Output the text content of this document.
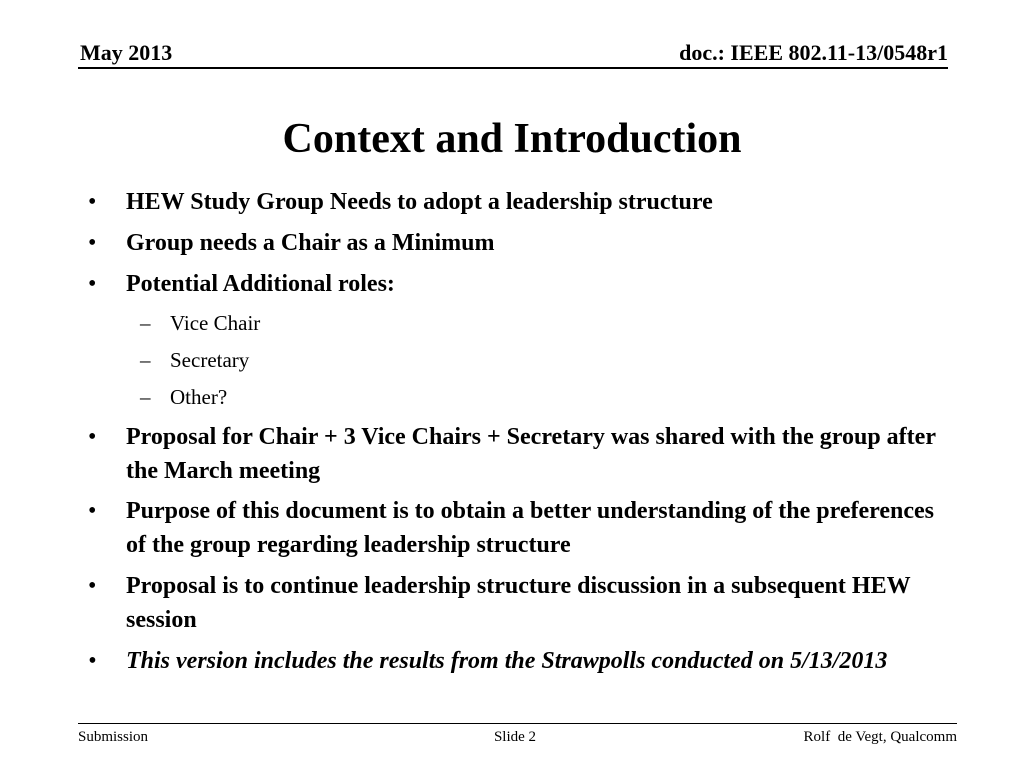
May 2013	doc.: IEEE 802.11-13/0548r1
Context and Introduction
• HEW Study Group Needs to adopt a leadership structure
• Group needs a Chair as a Minimum
• Potential Additional roles:
– Vice Chair
– Secretary
– Other?
• Proposal for Chair + 3 Vice Chairs + Secretary was shared with the group after the March meeting
• Purpose of this document is to obtain a better understanding of the preferences of the group regarding leadership structure
• Proposal is to continue leadership structure discussion in a subsequent HEW session
• This version includes the results from the Strawpolls conducted on 5/13/2013
Submission	Slide 2	Rolf  de Vegt, Qualcomm
